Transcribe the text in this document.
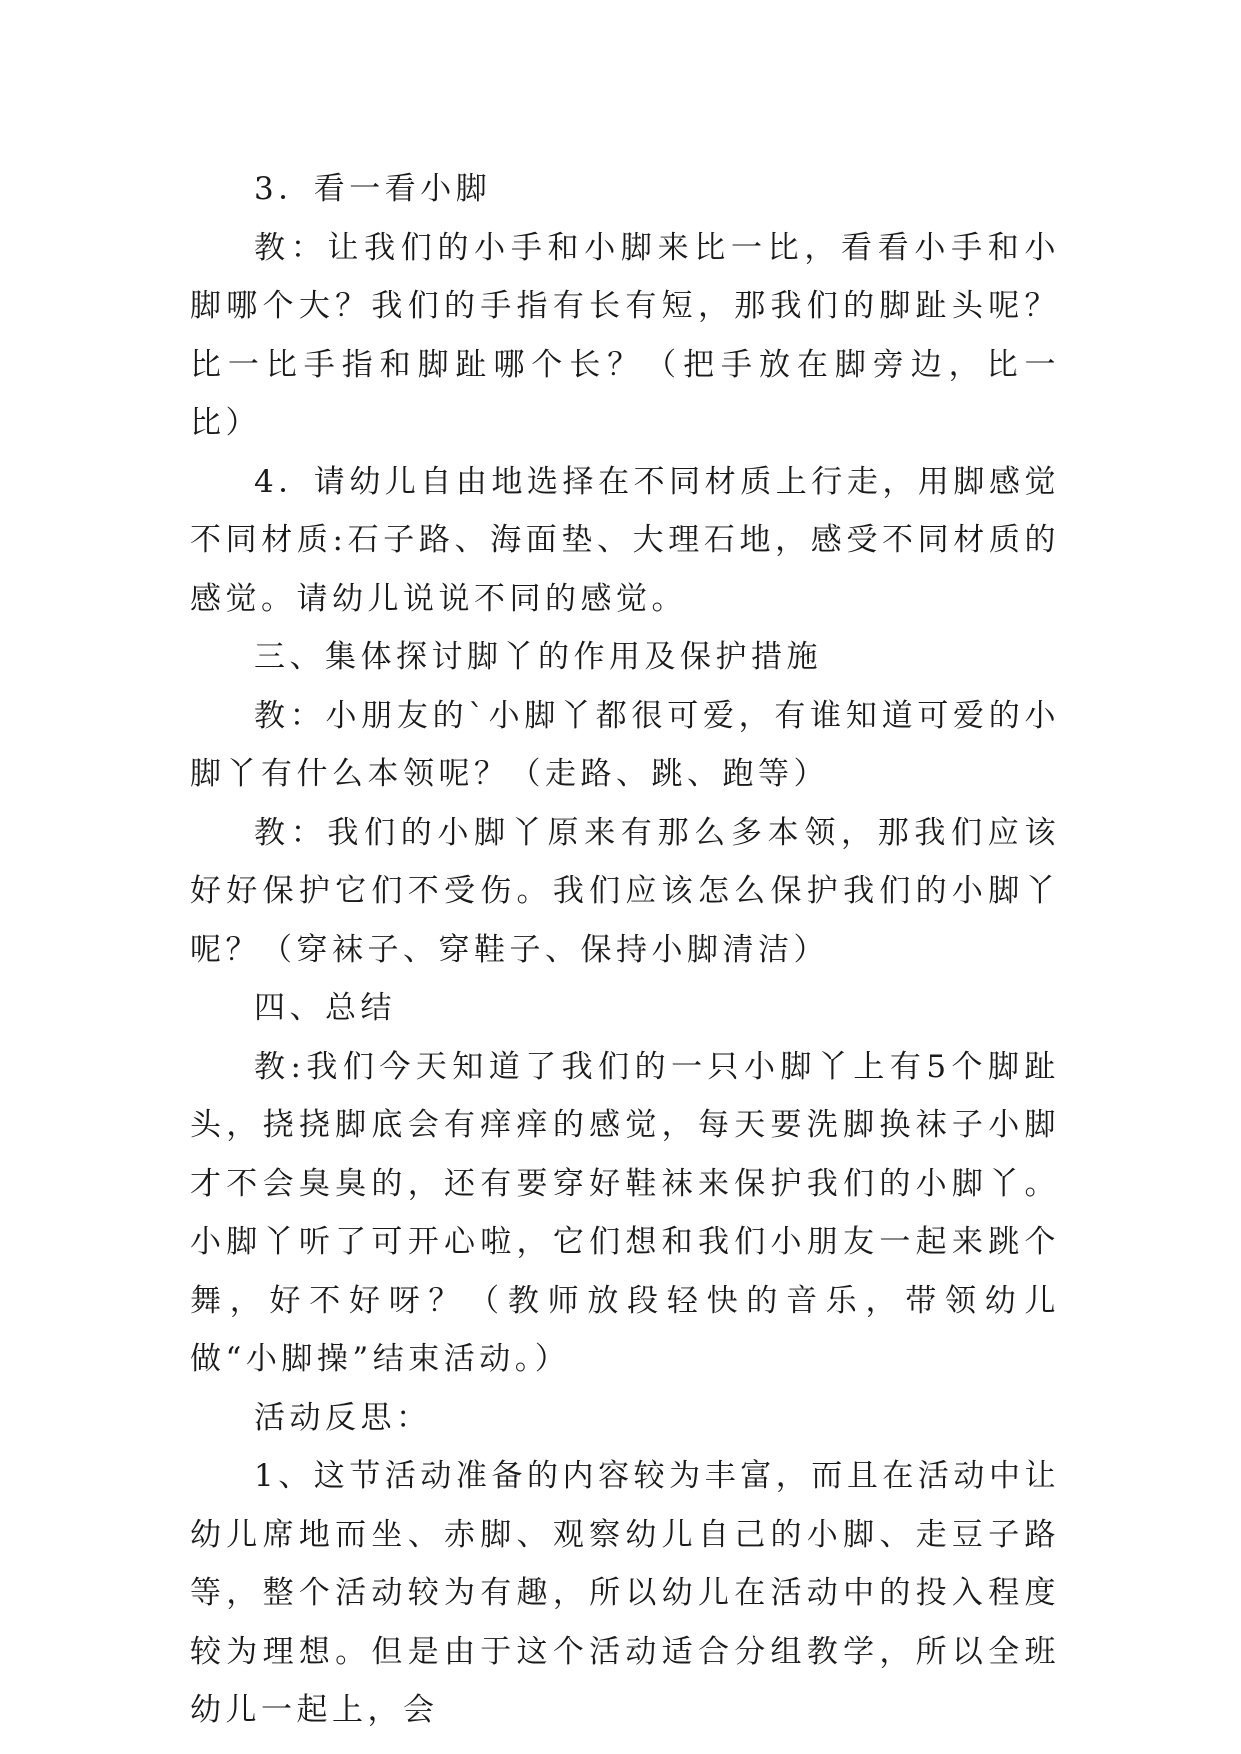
3．看一看小脚

教：让我们的小手和小脚来比一比，看看小手和小脚哪个大？我们的手指有长有短，那我们的脚趾头呢？比一比手指和脚趾哪个长？（把手放在脚旁边，比一比）

4．请幼儿自由地选择在不同材质上行走，用脚感觉不同材质:石子路、海面垫、大理石地，感受不同材质的感觉。请幼儿说说不同的感觉。

三、集体探讨脚丫的作用及保护措施

教：小朋友的`小脚丫都很可爱，有谁知道可爱的小脚丫有什么本领呢？（走路、跳、跑等）

教：我们的小脚丫原来有那么多本领，那我们应该好好保护它们不受伤。我们应该怎么保护我们的小脚丫呢？（穿袜子、穿鞋子、保持小脚清洁）

四、总结

教:我们今天知道了我们的一只小脚丫上有5个脚趾头，挠挠脚底会有痒痒的感觉，每天要洗脚换袜子小脚才不会臭臭的，还有要穿好鞋袜来保护我们的小脚丫。小脚丫听了可开心啦，它们想和我们小朋友一起来跳个舞，好不好呀？（教师放段轻快的音乐，带领幼儿做“小脚操”结束活动。）

活动反思：

1、这节活动准备的内容较为丰富，而且在活动中让幼儿席地而坐、赤脚、观察幼儿自己的小脚、走豆子路等，整个活动较为有趣，所以幼儿在活动中的投入程度较为理想。但是由于这个活动适合分组教学，所以全班幼儿一起上，会
